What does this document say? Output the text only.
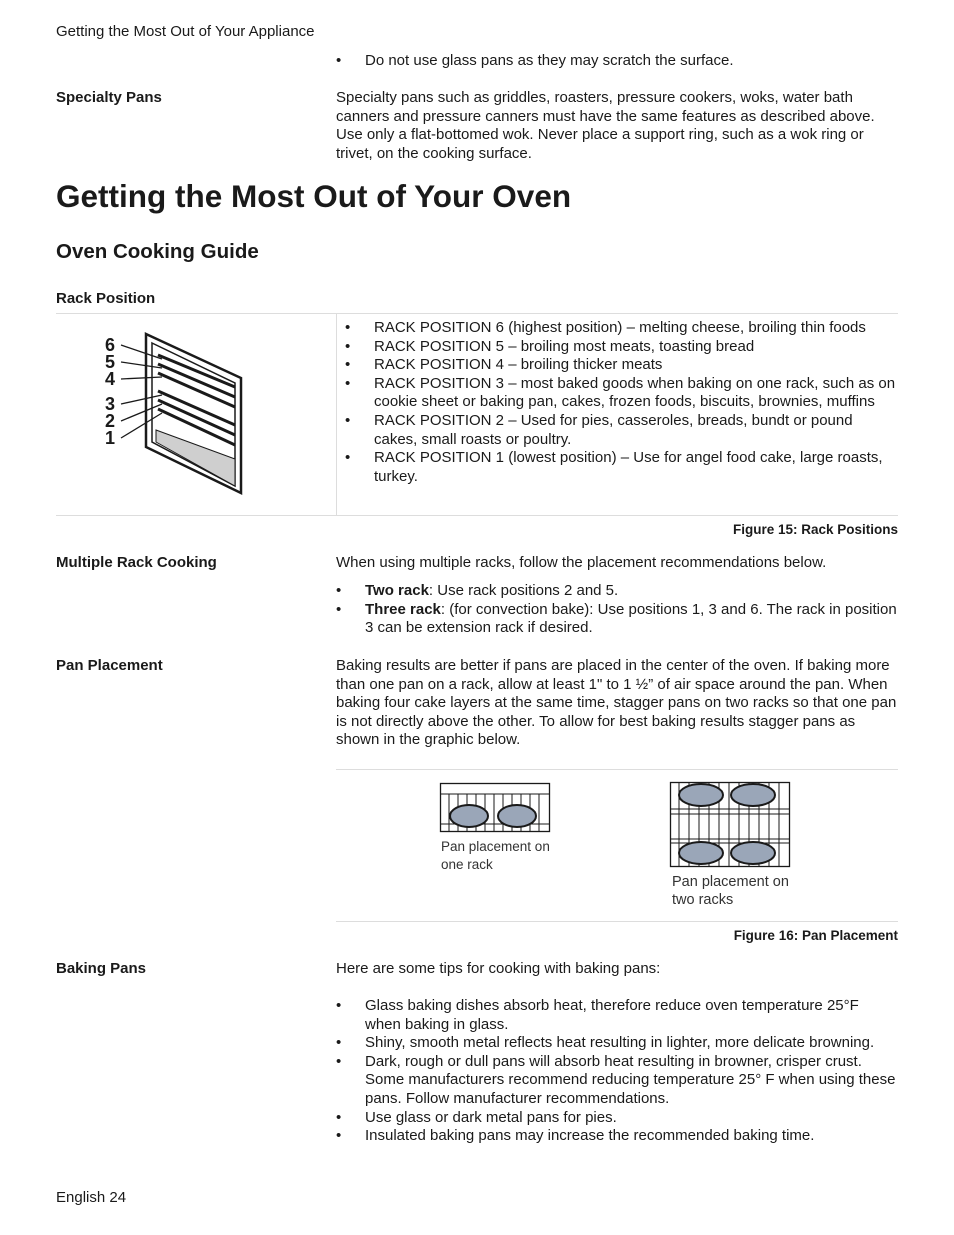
Getting the Most Out of Your Appliance
• Do not use glass pans as they may scratch the surface.
Specialty Pans	Specialty pans such as griddles, roasters, pressure cookers, woks, water bath canners and pressure canners must have the same features as described above. Use only a flat-bottomed wok. Never place a support ring, such as a wok ring or trivet, on the cooking surface.
Getting the Most Out of Your Oven
Oven Cooking Guide
Rack Position
6
5
4
3
2
1
• RACK POSITION 6 (highest position) – melting cheese, broiling thin foods
• RACK POSITION 5 – broiling most meats, toasting bread
• RACK POSITION 4 – broiling thicker meats
• RACK POSITION 3 – most baked goods when baking on one rack, such as on cookie sheet or baking pan, cakes, frozen foods, biscuits, brownies, muffins
• RACK POSITION 2 – Used for pies, casseroles, breads, bundt or pound cakes, small roasts or poultry.
• RACK POSITION 1 (lowest position) – Use for angel food cake, large roasts, turkey.
Figure 15: Rack Positions
Multiple Rack Cooking	When using multiple racks, follow the placement recommendations below.
• Two rack: Use rack positions 2 and 5.
• Three rack: (for convection bake): Use positions 1, 3 and 6. The rack in position 3 can be extension rack if desired.
Pan Placement	Baking results are better if pans are placed in the center of the oven. If baking more than one pan on a rack, allow at least 1" to 1 ½” of air space around the pan. When baking four cake layers at the same time, stagger pans on two racks so that one pan is not directly above the other. To allow for best baking results stagger pans as shown in the graphic below.
Pan placement on one rack
Pan placement on two racks
Figure 16: Pan Placement
Baking Pans	Here are some tips for cooking with baking pans:
• Glass baking dishes absorb heat, therefore reduce oven temperature 25°F when baking in glass.
• Shiny, smooth metal reflects heat resulting in lighter, more delicate browning.
• Dark, rough or dull pans will absorb heat resulting in browner, crisper crust. Some manufacturers recommend reducing temperature 25° F when using these pans. Follow manufacturer recommendations.
• Use glass or dark metal pans for pies.
• Insulated baking pans may increase the recommended baking time.
English 24
